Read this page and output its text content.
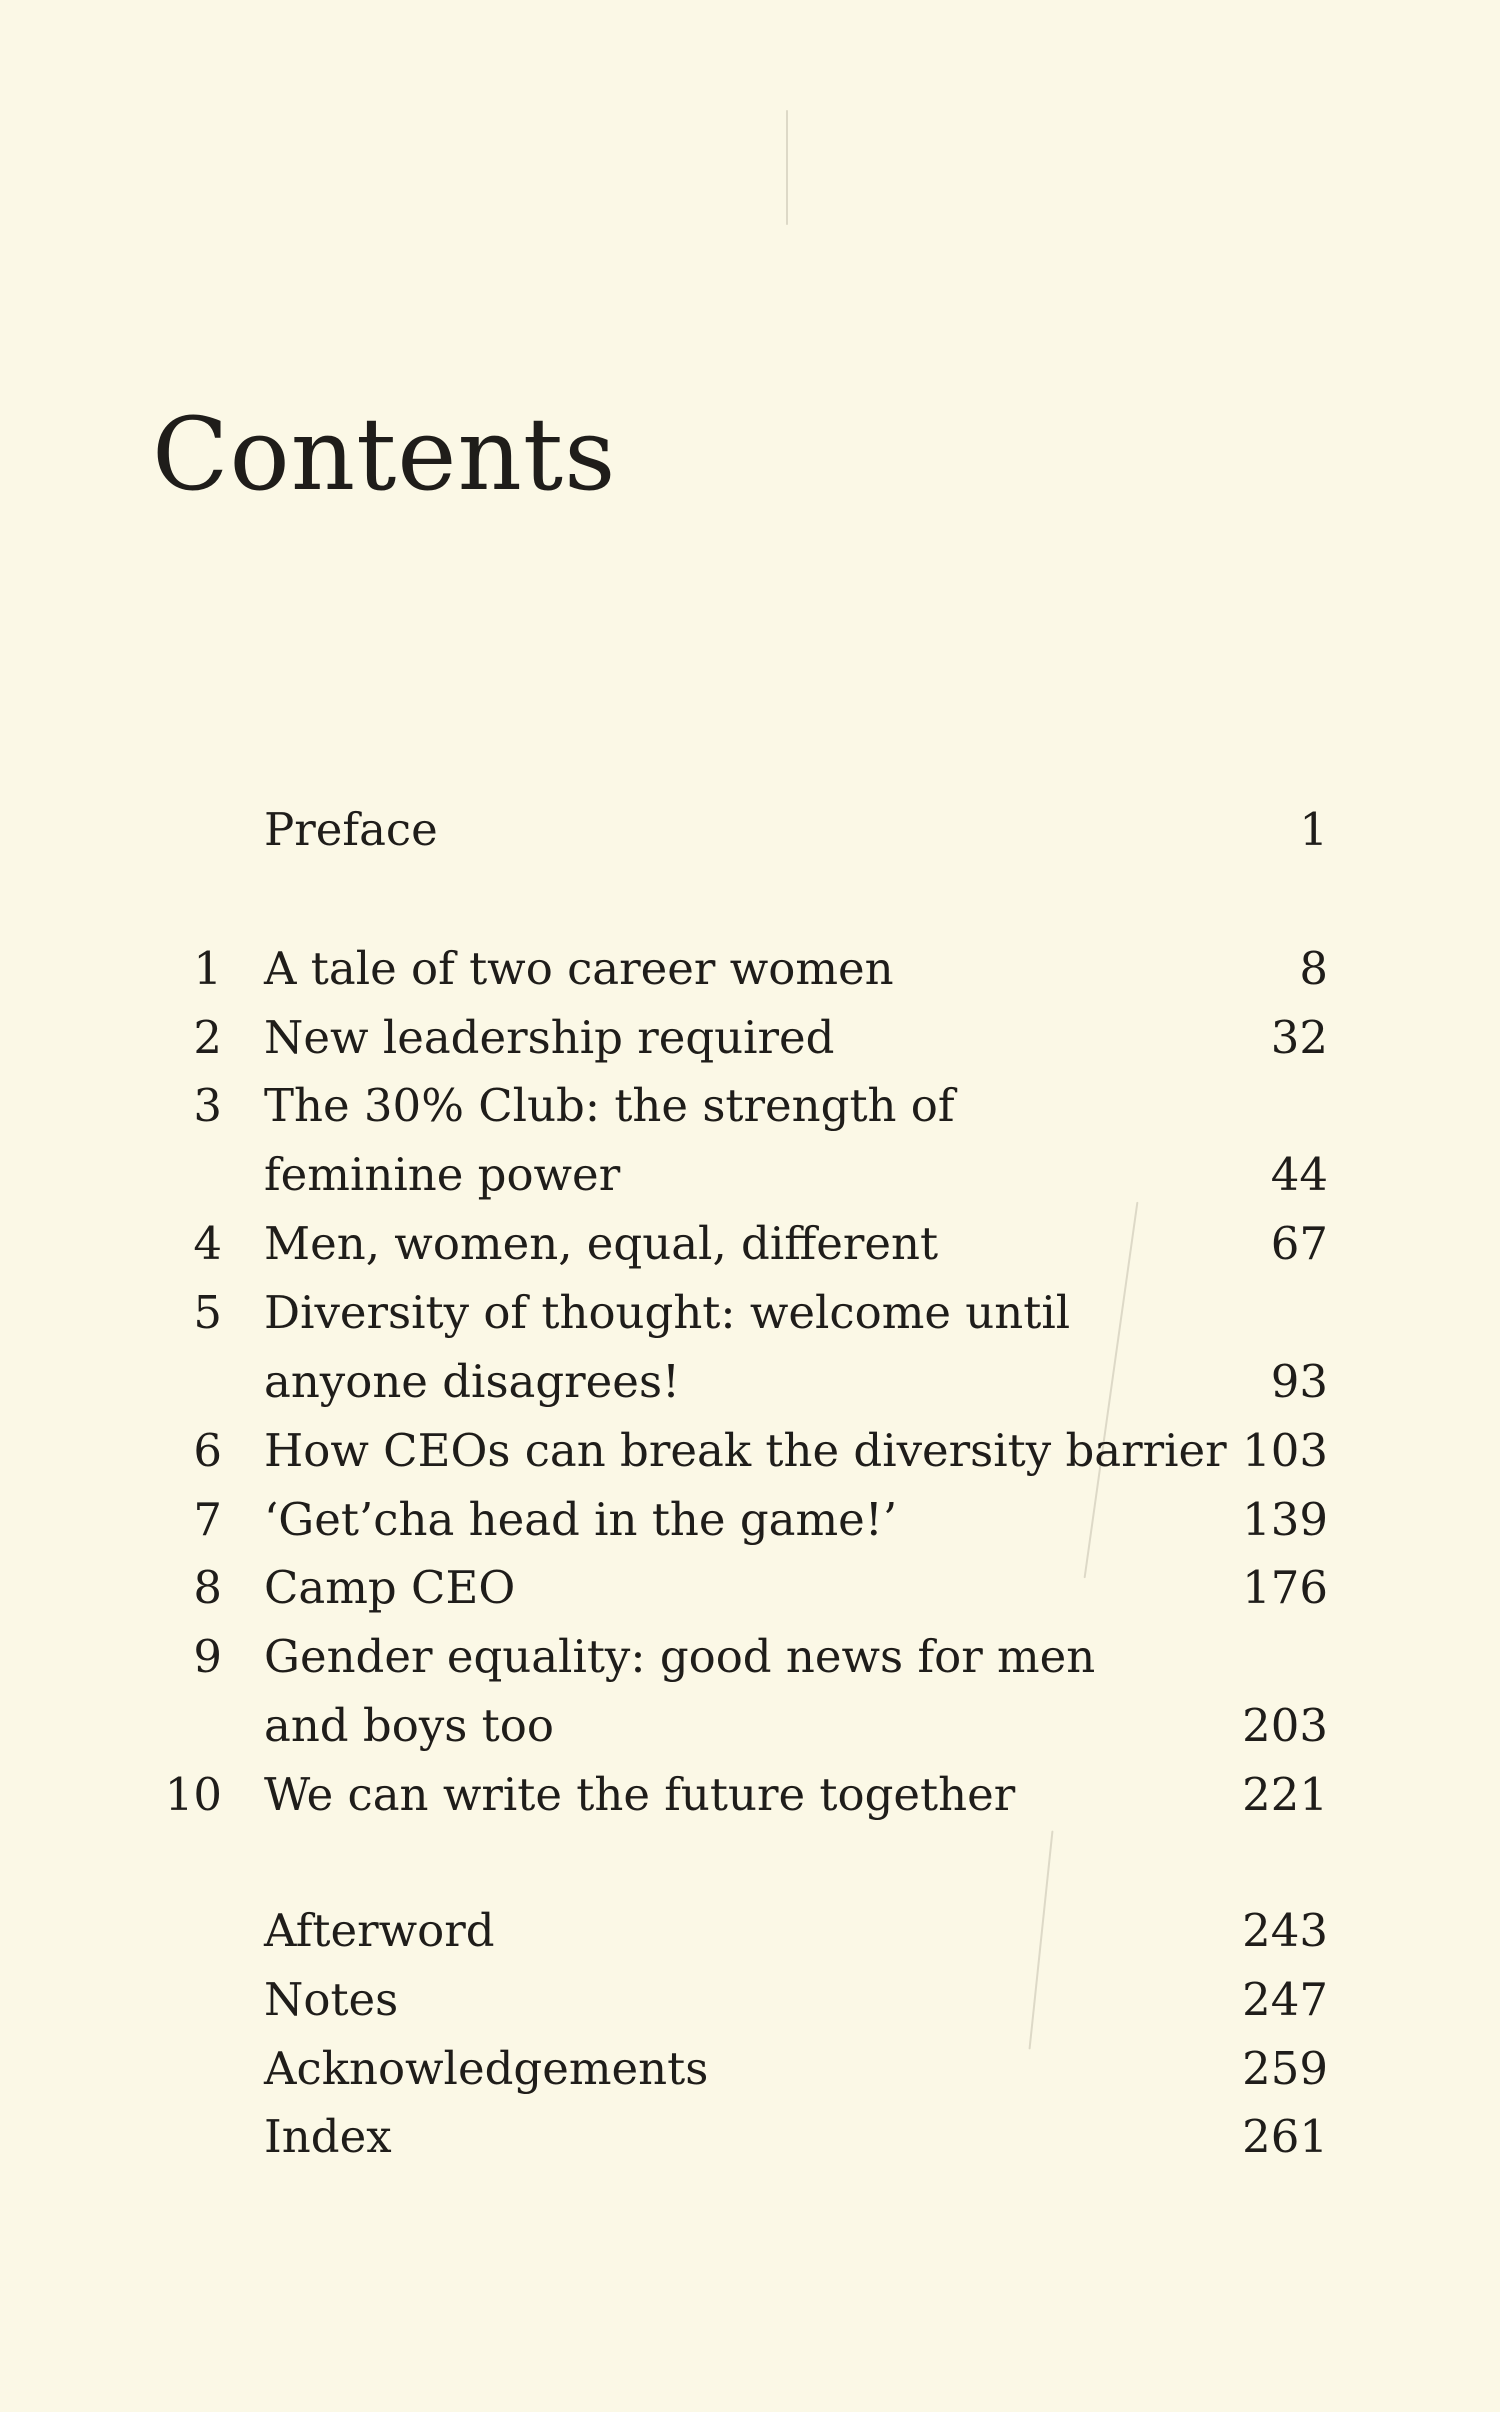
Contents
Preface	1
1 A tale of two career women	8
2 New leadership required	32
3 The 30% Club: the strength of
feminine power	44
4 Men, women, equal, different	67
5 Diversity of thought: welcome until
anyone disagrees!	93
6 How CEOs can break the diversity barrier 103
7 ‘Get’cha head in the game!’	139
8 Camp CEO	176
9 Gender equality: good news for men
and boys too	203
10 We can write the future together	221
Afterword	243
Notes	247
Acknowledgements	259
Index	261
